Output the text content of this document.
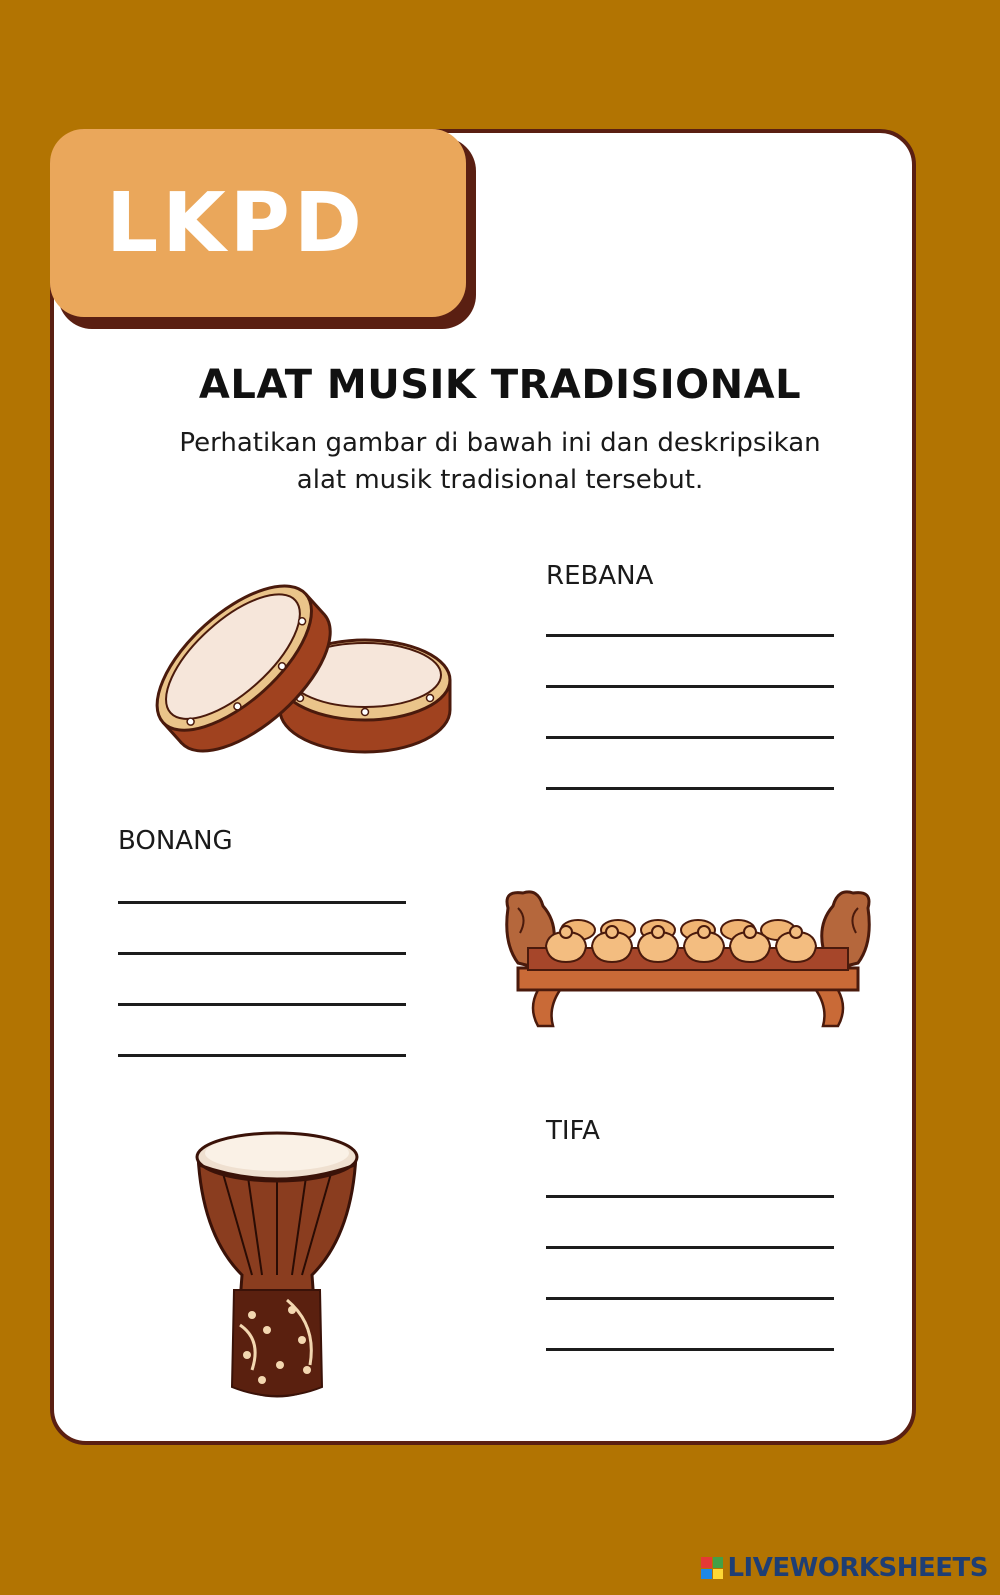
LKPD
ALAT MUSIK TRADISIONAL
Perhatikan gambar di bawah ini dan deskripsikan
alat musik tradisional tersebut.
REBANA
BONANG
TIFA
LIVEWORKSHEETS
